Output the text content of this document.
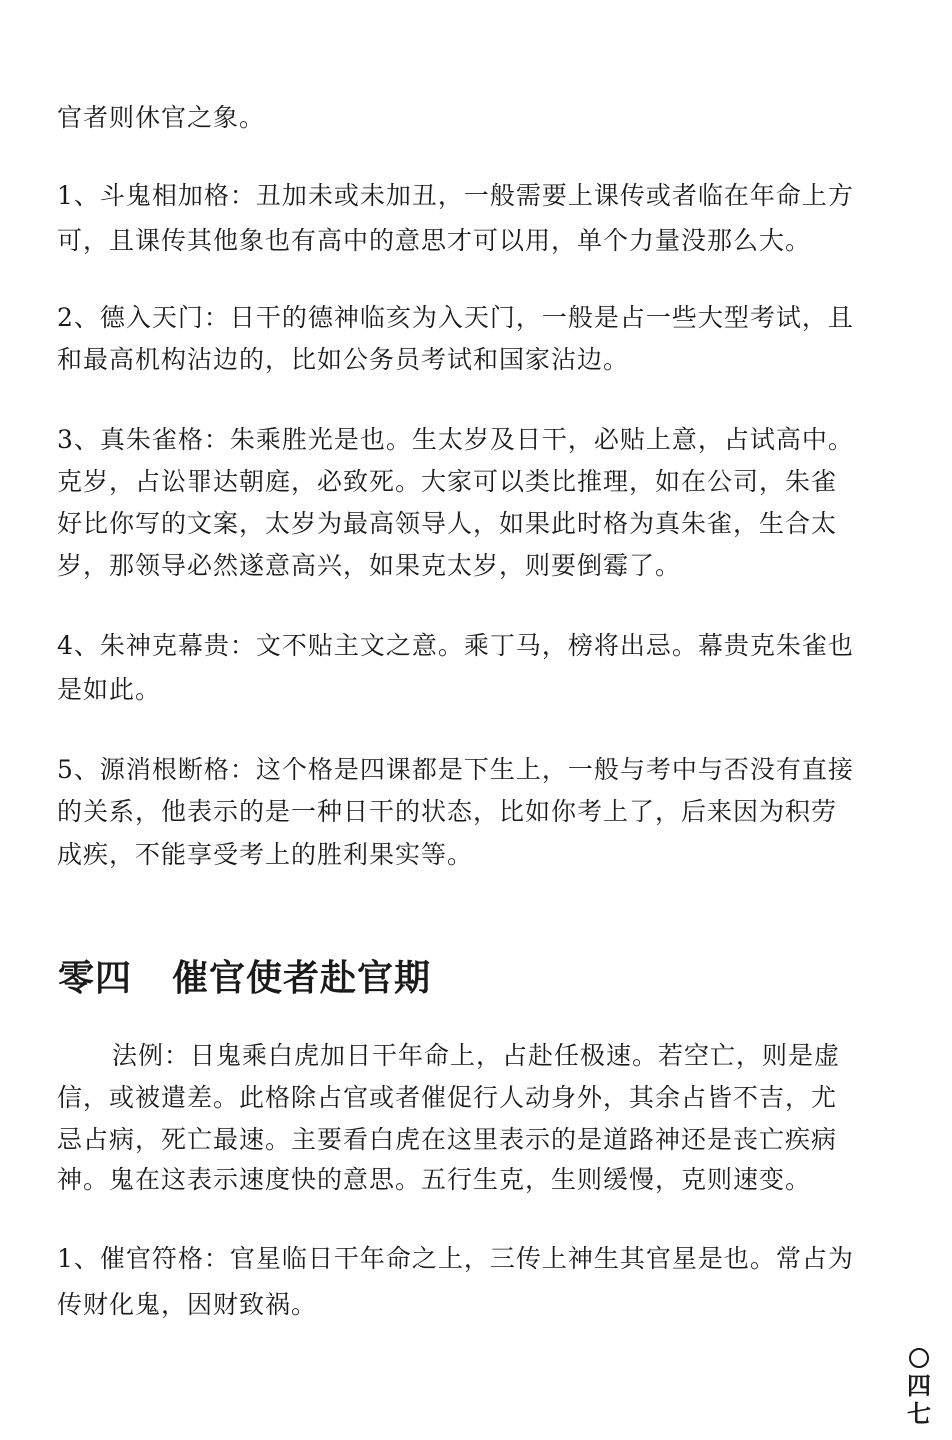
官者则休官之象。
1、斗鬼相加格：丑加未或未加丑，一般需要上课传或者临在年命上方
可，且课传其他象也有高中的意思才可以用，单个力量没那么大。
2、德入天门：日干的德神临亥为入天门，一般是占一些大型考试，且
和最高机构沾边的，比如公务员考试和国家沾边。
3、真朱雀格：朱乘胜光是也。生太岁及日干，必贴上意，占试高中。
克岁，占讼罪达朝庭，必致死。大家可以类比推理，如在公司，朱雀
好比你写的文案，太岁为最高领导人，如果此时格为真朱雀，生合太
岁，那领导必然遂意高兴，如果克太岁，则要倒霉了。
4、朱神克幕贵：文不贴主文之意。乘丁马，榜将出忌。幕贵克朱雀也
是如此。
5、源消根断格：这个格是四课都是下生上，一般与考中与否没有直接
的关系，他表示的是一种日干的状态，比如你考上了，后来因为积劳
成疾，不能享受考上的胜利果实等。
零四 催官使者赴官期
法例：日鬼乘白虎加日干年命上，占赴任极速。若空亡，则是虚
信，或被遣差。此格除占官或者催促行人动身外，其余占皆不吉，尤
忌占病，死亡最速。主要看白虎在这里表示的是道路神还是丧亡疾病
神。鬼在这表示速度快的意思。五行生克，生则缓慢，克则速变。
1、催官符格：官星临日干年命之上，三传上神生其官星是也。常占为
传财化鬼，因财致祸。
四
七
